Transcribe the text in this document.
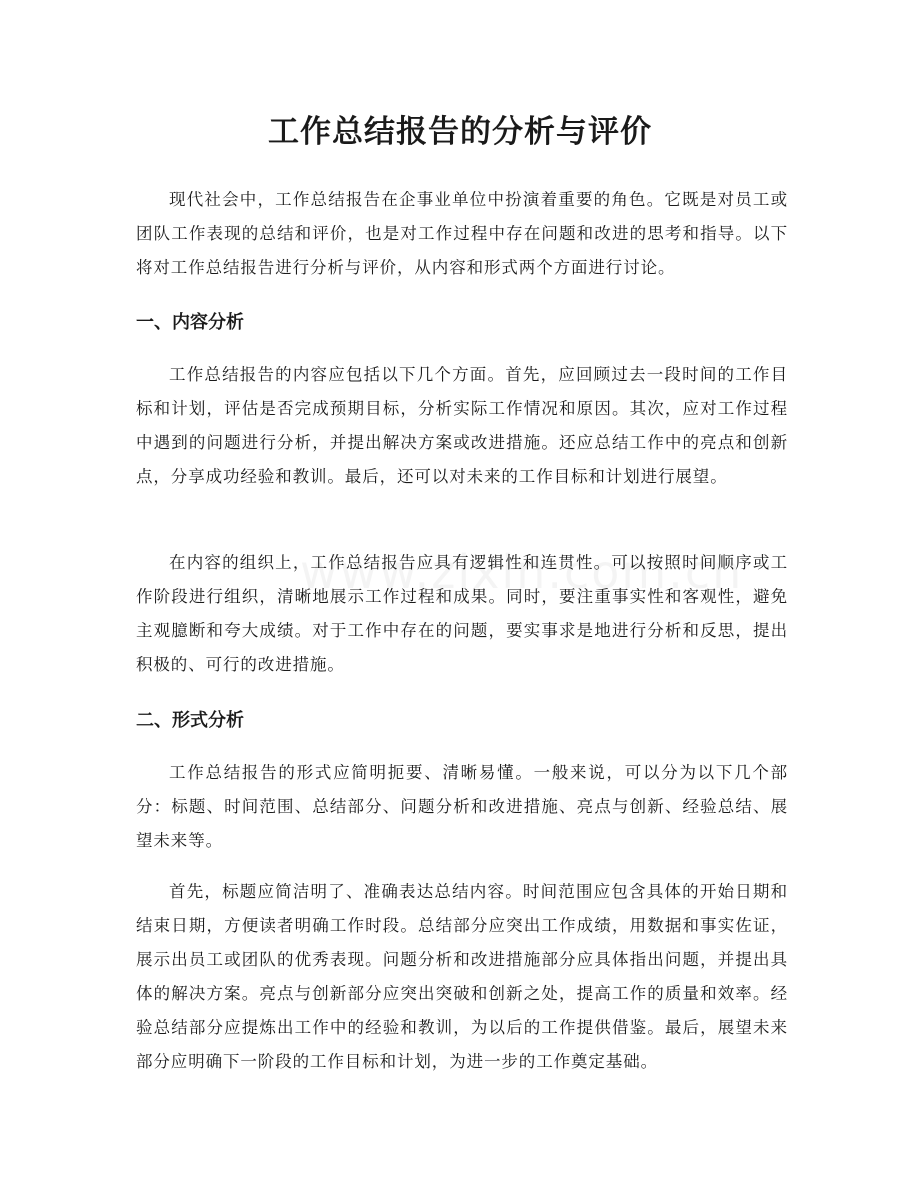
工作总结报告的分析与评价

现代社会中，工作总结报告在企事业单位中扮演着重要的角色。它既是对员工或团队工作表现的总结和评价，也是对工作过程中存在问题和改进的思考和指导。以下将对工作总结报告进行分析与评价，从内容和形式两个方面进行讨论。

一、内容分析

工作总结报告的内容应包括以下几个方面。首先，应回顾过去一段时间的工作目标和计划，评估是否完成预期目标，分析实际工作情况和原因。其次，应对工作过程中遇到的问题进行分析，并提出解决方案或改进措施。还应总结工作中的亮点和创新点，分享成功经验和教训。最后，还可以对未来的工作目标和计划进行展望。

在内容的组织上，工作总结报告应具有逻辑性和连贯性。可以按照时间顺序或工作阶段进行组织，清晰地展示工作过程和成果。同时，要注重事实性和客观性，避免主观臆断和夸大成绩。对于工作中存在的问题，要实事求是地进行分析和反思，提出积极的、可行的改进措施。

二、形式分析

工作总结报告的形式应简明扼要、清晰易懂。一般来说，可以分为以下几个部分：标题、时间范围、总结部分、问题分析和改进措施、亮点与创新、经验总结、展望未来等。

首先，标题应简洁明了、准确表达总结内容。时间范围应包含具体的开始日期和结束日期，方便读者明确工作时段。总结部分应突出工作成绩，用数据和事实佐证，展示出员工或团队的优秀表现。问题分析和改进措施部分应具体指出问题，并提出具体的解决方案。亮点与创新部分应突出突破和创新之处，提高工作的质量和效率。经验总结部分应提炼出工作中的经验和教训，为以后的工作提供借鉴。最后，展望未来部分应明确下一阶段的工作目标和计划，为进一步的工作奠定基础。
